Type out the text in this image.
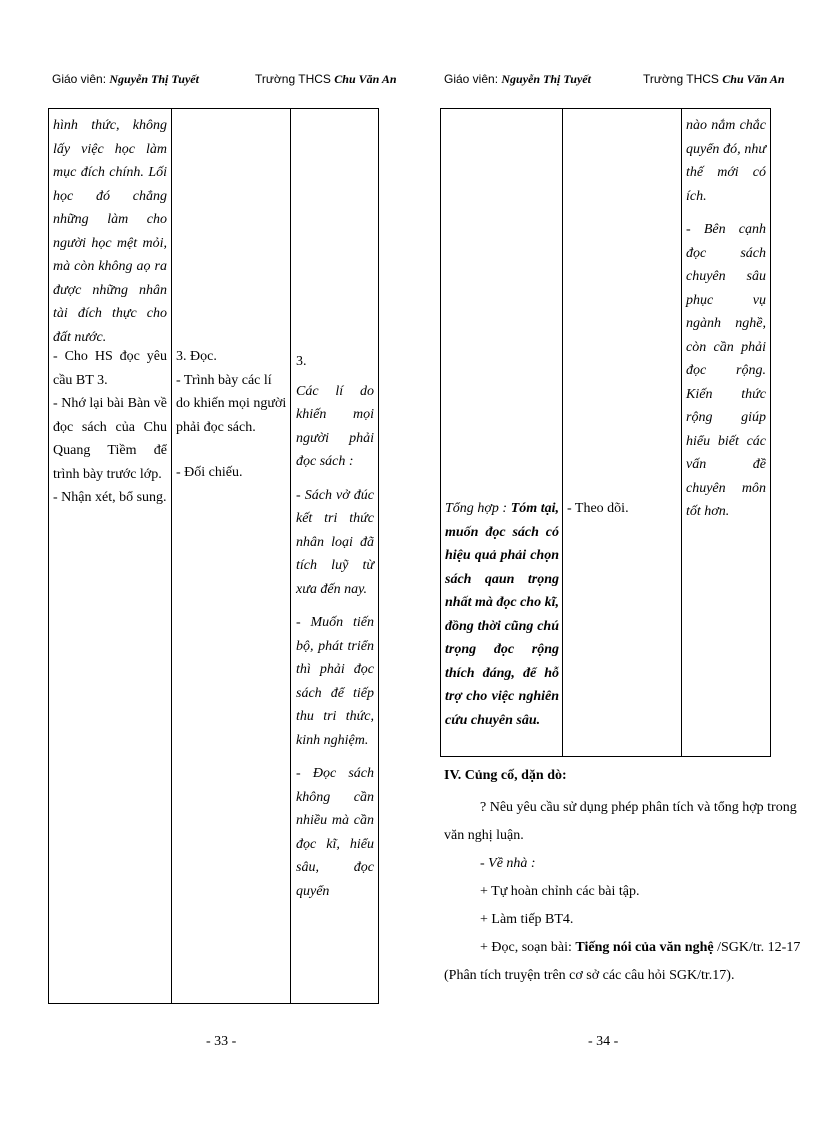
Giáo viên: Nguyễn Thị Tuyết	Trường THCS Chu Văn An
hình thức, không lấy việc học làm mục đích chính. Lối học đó chẳng những làm cho người học mệt mỏi, mà còn không aọ ra được những nhân tài đích thực cho đất nước.
- Cho HS đọc yêu cầu BT 3.
- Nhớ lại bài Bàn về đọc sách của Chu Quang Tiềm để trình bày trước lớp.
- Nhận xét, bổ sung.
3. Đọc.
- Trình bày các lí do khiến mọi người phải đọc sách.
- Đối chiếu.

3.

Các lí do khiến mọi người phải đọc sách :

- Sách vở đúc kết tri thức nhân loại đã tích luỹ từ xưa đến nay.

- Muốn tiến bộ, phát triển thì phải đọc sách để tiếp thu tri thức, kinh nghiệm.

- Đọc sách không cần nhiều mà cần đọc kĩ, hiểu sâu, đọc quyển

- 33 -
Giáo viên: Nguyễn Thị Tuyết	Trường THCS Chu Văn An

nào nắm chắc quyển đó, như thế mới có ích.

- Bên cạnh đọc sách chuyên sâu phục vụ ngành nghề, còn cần phải đọc rộng. Kiến thức rộng giúp hiểu biết các vấn đề chuyên môn tốt hơn.

Tổng hợp : Tóm tại, muốn đọc sách có hiệu quả phải chọn sách qaun trọng nhất mà đọc cho kĩ, đồng thời cũng chú trọng đọc rộng thích đáng, để hỗ trợ cho việc nghiên cứu chuyên sâu.
- Theo dõi.
IV. Củng cố, dặn dò:
? Nêu yêu cầu sử dụng phép phân tích và tổng hợp trong
văn nghị luận.
- Về nhà :
+ Tự hoàn chỉnh các bài tập.
+ Làm tiếp BT4.
+ Đọc, soạn bài: Tiếng nói của văn nghệ /SGK/tr. 12-17
(Phân tích truyện trên cơ sở các câu hỏi SGK/tr.17).
- 34 -
